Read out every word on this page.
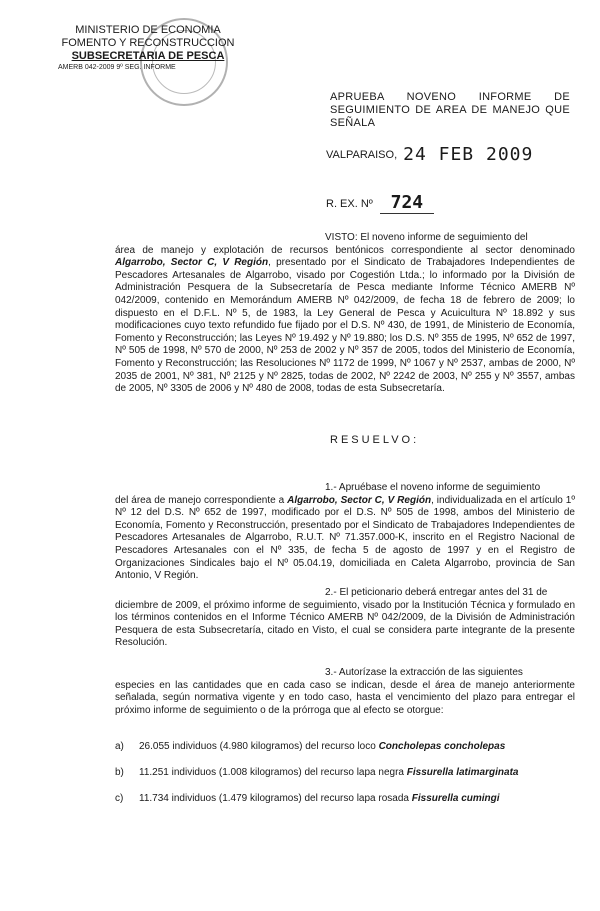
MINISTERIO DE ECONOMIA
FOMENTO Y RECONSTRUCCION
SUBSECRETARIA DE PESCA
AMERB 042-2009 9º SEG. INFORME
APRUEBA NOVENO INFORME DE SEGUIMIENTO DE AREA DE MANEJO QUE SEÑALA
VALPARAISO, 24 FEB 2009
R. EX. Nº 724
VISTO: El noveno informe de seguimiento del
área de manejo y explotación de recursos bentónicos correspondiente al sector denominado Algarrobo, Sector C, V Región, presentado por el Sindicato de Trabajadores Independientes de Pescadores Artesanales de Algarrobo, visado por Cogestión Ltda.; lo informado por la División de Administración Pesquera de la Subsecretaría de Pesca mediante Informe Técnico AMERB Nº 042/2009, contenido en Memorándum AMERB Nº 042/2009, de fecha 18 de febrero de 2009; lo dispuesto en el D.F.L. Nº 5, de 1983, la Ley General de Pesca y Acuicultura Nº 18.892 y sus modificaciones cuyo texto refundido fue fijado por el D.S. Nº 430, de 1991, de Ministerio de Economía, Fomento y Reconstrucción; las Leyes Nº 19.492 y Nº 19.880; los D.S. Nº 355 de 1995, Nº 652 de 1997, Nº 505 de 1998, Nº 570 de 2000, Nº 253 de 2002 y Nº 357 de 2005, todos del Ministerio de Economía, Fomento y Reconstrucción; las Resoluciones Nº 1172 de 1999, Nº 1067 y Nº 2537, ambas de 2000, Nº 2035 de 2001, Nº 381, Nº 2125 y Nº 2825, todas de 2002, Nº 2242 de 2003, Nº 255 y Nº 3557, ambas de 2005, Nº 3305 de 2006 y Nº 480 de 2008, todas de esta Subsecretaría.
RESUELVO:
1.- Apruébase el noveno informe de seguimiento
del área de manejo correspondiente a Algarrobo, Sector C, V Región, individualizada en el artículo 1º Nº 12 del D.S. Nº 652 de 1997, modificado por el D.S. Nº 505 de 1998, ambos del Ministerio de Economía, Fomento y Reconstrucción, presentado por el Sindicato de Trabajadores Independientes de Pescadores Artesanales de Algarrobo, R.U.T. Nº 71.357.000-K, inscrito en el Registro Nacional de Pescadores Artesanales con el Nº 335, de fecha 5 de agosto de 1997 y en el Registro de Organizaciones Sindicales bajo el Nº 05.04.19, domiciliada en Caleta Algarrobo, provincia de San Antonio, V Región.
2.- El peticionario deberá entregar antes del 31 de
diciembre de 2009, el próximo informe de seguimiento, visado por la Institución Técnica y formulado en los términos contenidos en el Informe Técnico AMERB Nº 042/2009, de la División de Administración Pesquera de esta Subsecretaría, citado en Visto, el cual se considera parte integrante de la presente Resolución.
3.- Autorízase la extracción de las siguientes
especies en las cantidades que en cada caso se indican, desde el área de manejo anteriormente señalada, según normativa vigente y en todo caso, hasta el vencimiento del plazo para entregar el próximo informe de seguimiento o de la prórroga que al efecto se otorgue:
a) 26.055 individuos (4.980 kilogramos) del recurso loco Concholepas concholepas
b) 11.251 individuos (1.008 kilogramos) del recurso lapa negra Fissurella latimarginata
c) 11.734 individuos (1.479 kilogramos) del recurso lapa rosada Fissurella cumingi
